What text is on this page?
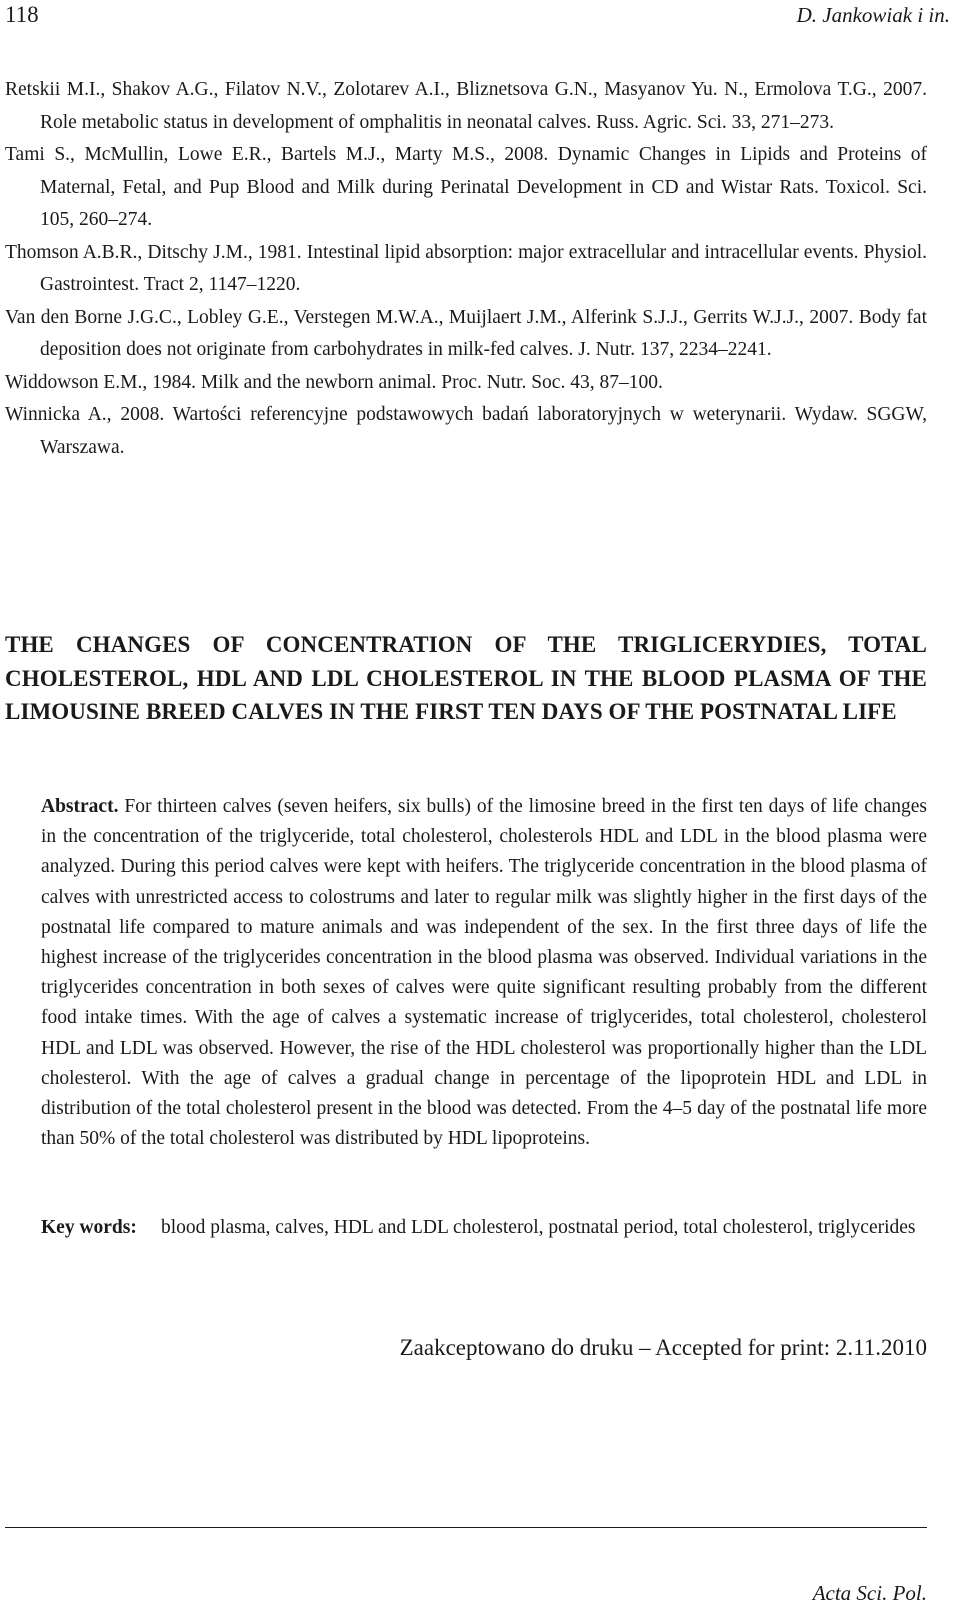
118	D. Jankowiak i in.

Retskii M.I., Shakov A.G., Filatov N.V., Zolotarev A.I., Bliznetsova G.N., Masyanov Yu. N., Ermolova T.G., 2007. Role metabolic status in development of omphalitis in neonatal calves. Russ. Agric. Sci. 33, 271–273.

Tami S., McMullin, Lowe E.R., Bartels M.J., Marty M.S., 2008. Dynamic Changes in Lipids and Proteins of Maternal, Fetal, and Pup Blood and Milk during Perinatal Development in CD and Wistar Rats. Toxicol. Sci. 105, 260–274.

Thomson A.B.R., Ditschy J.M., 1981. Intestinal lipid absorption: major extracellular and intracellular events. Physiol. Gastrointest. Tract 2, 1147–1220.

Van den Borne J.G.C., Lobley G.E., Verstegen M.W.A., Muijlaert J.M., Alferink S.J.J., Gerrits W.J.J., 2007. Body fat deposition does not originate from carbohydrates in milk-fed calves. J. Nutr. 137, 2234–2241.

Widdowson E.M., 1984. Milk and the newborn animal. Proc. Nutr. Soc. 43, 87–100.

Winnicka A., 2008. Wartości referencyjne podstawowych badań laboratoryjnych w weterynarii. Wydaw. SGGW, Warszawa.

THE CHANGES OF CONCENTRATION OF THE TRIGLICERYDIES, TOTAL CHOLESTEROL, HDL AND LDL CHOLESTEROL IN THE BLOOD PLASMA OF THE LIMOUSINE BREED CALVES IN THE FIRST TEN DAYS OF THE POSTNATAL LIFE

Abstract. For thirteen calves (seven heifers, six bulls) of the limosine breed in the first ten days of life changes in the concentration of the triglyceride, total cholesterol, cholesterols HDL and LDL in the blood plasma were analyzed. During this period calves were kept with heifers. The triglyceride concentration in the blood plasma of calves with unrestricted access to colostrums and later to regular milk was slightly higher in the first days of the postnatal life compared to mature animals and was independent of the sex. In the first three days of life the highest increase of the triglycerides concentration in the blood plasma was observed. Individual variations in the triglycerides concentration in both sexes of calves were quite significant resulting probably from the different food intake times. With the age of calves a systematic increase of triglycerides, total cholesterol, cholesterol HDL and LDL was observed. However, the rise of the HDL cholesterol was proportionally higher than the LDL cholesterol. With the age of calves a gradual change in percentage of the lipoprotein HDL and LDL in distribution of the total cholesterol present in the blood was detected. From the 4–5 day of the postnatal life more than 50% of the total cholesterol was distributed by HDL lipoproteins.

Key words:	blood plasma, calves, HDL and LDL cholesterol, postnatal period, total cholesterol, triglycerides
Zaakceptowano do druku – Accepted for print: 2.11.2010
Acta Sci. Pol.
